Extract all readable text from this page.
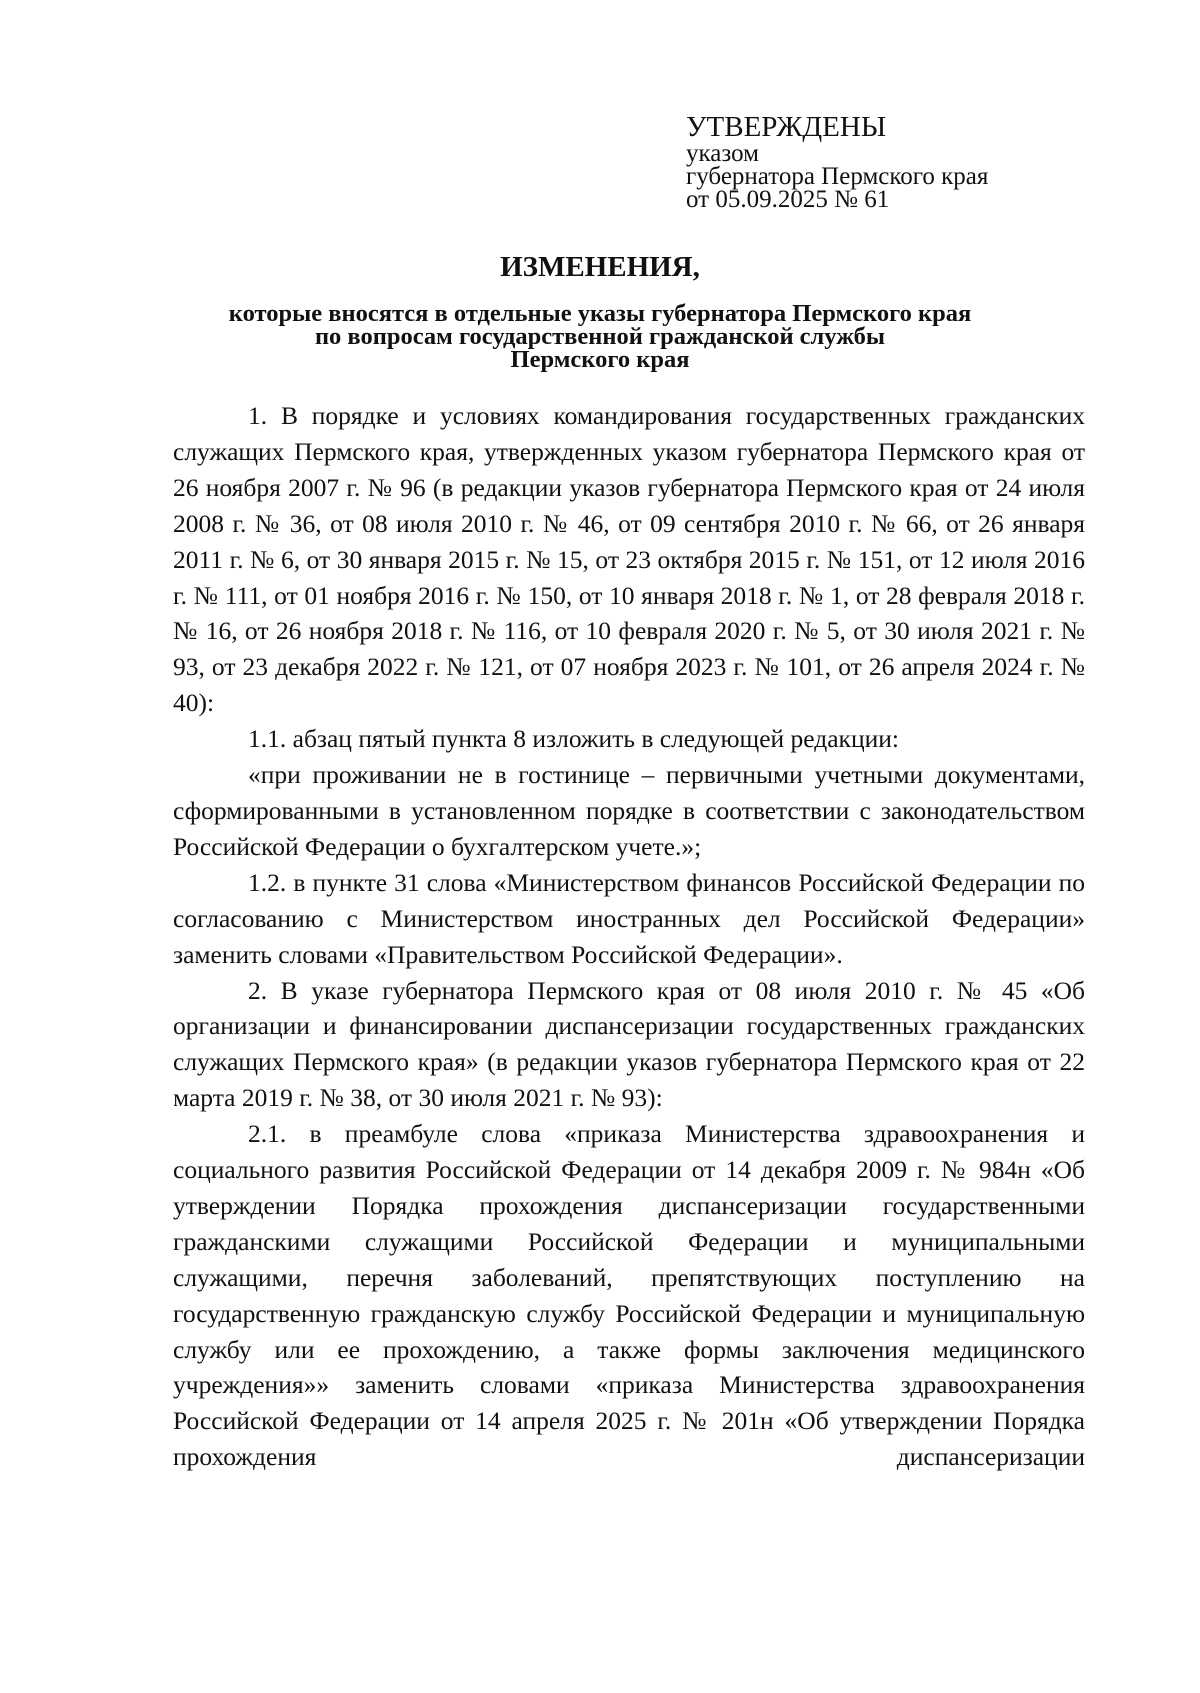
УТВЕРЖДЕНЫ
указом
губернатора Пермского края
от 05.09.2025 № 61
ИЗМЕНЕНИЯ,
которые вносятся в отдельные указы губернатора Пермского края
по вопросам государственной гражданской службы
Пермского края

1. В порядке и условиях командирования государственных гражданских служащих Пермского края, утвержденных указом губернатора Пермского края от 26 ноября 2007 г. № 96 (в редакции указов губернатора Пермского края от 24 июля 2008 г. № 36, от 08 июля 2010 г. № 46, от 09 сентября 2010 г. № 66, от 26 января 2011 г. № 6, от 30 января 2015 г. № 15, от 23 октября 2015 г. № 151, от 12 июля 2016 г. № 111, от 01 ноября 2016 г. № 150, от 10 января 2018 г. № 1, от 28 февраля 2018 г. № 16, от 26 ноября 2018 г. № 116, от 10 февраля 2020 г. № 5, от 30 июля 2021 г. № 93, от 23 декабря 2022 г. № 121, от 07 ноября 2023 г. № 101, от 26 апреля 2024 г. № 40):

1.1. абзац пятый пункта 8 изложить в следующей редакции:

«при проживании не в гостинице – первичными учетными документами, сформированными в установленном порядке в соответствии с законодательством Российской Федерации о бухгалтерском учете.»;

1.2. в пункте 31 слова «Министерством финансов Российской Федерации по согласованию с Министерством иностранных дел Российской Федерации» заменить словами «Правительством Российской Федерации».

2. В указе губернатора Пермского края от 08 июля 2010 г. № 45 «Об организации и финансировании диспансеризации государственных гражданских служащих Пермского края» (в редакции указов губернатора Пермского края от 22 марта 2019 г. № 38, от 30 июля 2021 г. № 93):

2.1. в преамбуле слова «приказа Министерства здравоохранения и социального развития Российской Федерации от 14 декабря 2009 г. № 984н «Об утверждении Порядка прохождения диспансеризации государственными гражданскими служащими Российской Федерации и муниципальными служащими, перечня заболеваний, препятствующих поступлению на государственную гражданскую службу Российской Федерации и муниципальную службу или ее прохождению, а также формы заключения медицинского учреждения»» заменить словами «приказа Министерства здравоохранения Российской Федерации от 14 апреля 2025 г. № 201н «Об утверждении Порядка прохождения диспансеризации
